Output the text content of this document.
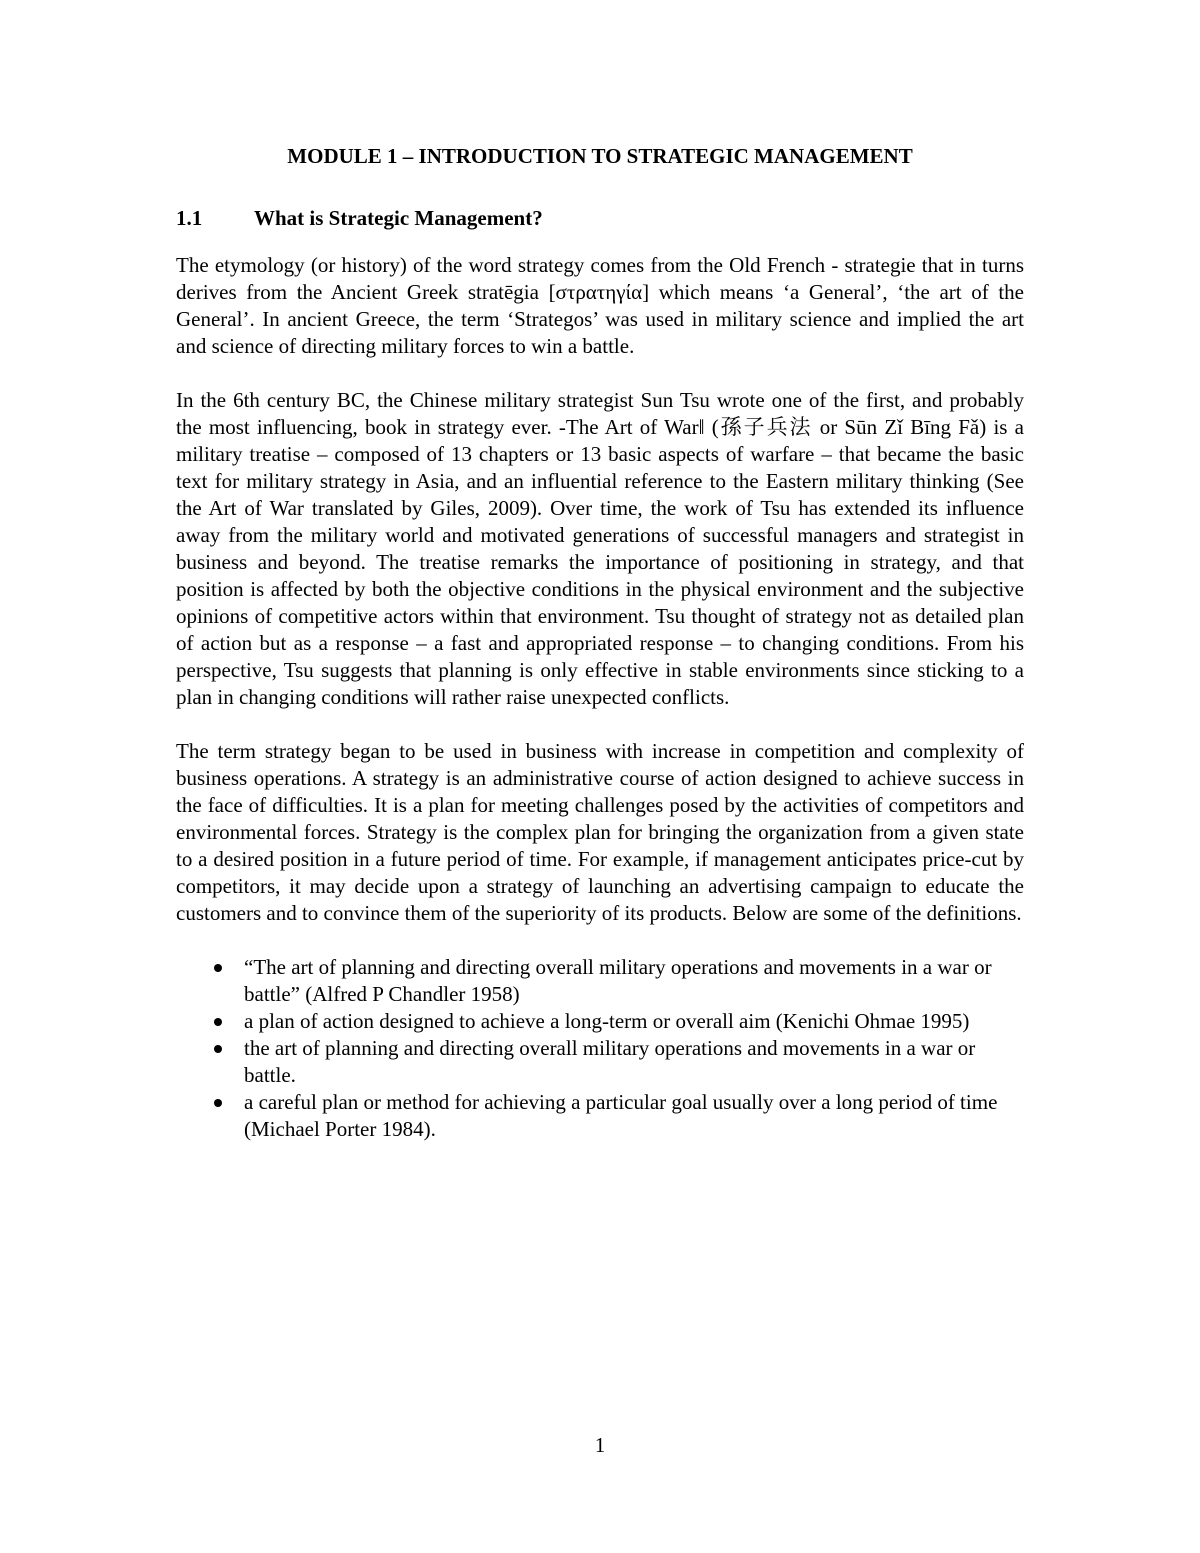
MODULE 1 – INTRODUCTION TO STRATEGIC MANAGEMENT
1.1	What is Strategic Management?

The etymology (or history) of the word strategy comes from the Old French - strategie that in turns derives from the Ancient Greek stratēgia [στρατηγία] which means ‘a General’, ‘the art of the General’. In ancient Greece, the term ‘Strategos’ was used in military science and implied the art and science of directing military forces to win a battle.

In the 6th century BC, the Chinese military strategist Sun Tsu wrote one of the first, and probably the most influencing, book in strategy ever. -The Art of Warǁ (孫子兵法 or Sūn Zǐ Bīng Fǎ) is a military treatise – composed of 13 chapters or 13 basic aspects of warfare – that became the basic text for military strategy in Asia, and an influential reference to the Eastern military thinking (See the Art of War translated by Giles, 2009). Over time, the work of Tsu has extended its influence away from the military world and motivated generations of successful managers and strategist in business and beyond. The treatise remarks the importance of positioning in strategy, and that position is affected by both the objective conditions in the physical environment and the subjective opinions of competitive actors within that environment. Tsu thought of strategy not as detailed plan of action but as a response – a fast and appropriated response – to changing conditions. From his perspective, Tsu suggests that planning is only effective in stable environments since sticking to a plan in changing conditions will rather raise unexpected conflicts.

The term strategy began to be used in business with increase in competition and complexity of business operations. A strategy is an administrative course of action designed to achieve success in the face of difficulties. It is a plan for meeting challenges posed by the activities of competitors and environmental forces. Strategy is the complex plan for bringing the organization from a given state to a desired position in a future period of time. For example, if management anticipates price-cut by competitors, it may decide upon a strategy of launching an advertising campaign to educate the customers and to convince them of the superiority of its products. Below are some of the definitions.

“The art of planning and directing overall military operations and movements in a war or battle” (Alfred P Chandler 1958)
a plan of action designed to achieve a long-term or overall aim (Kenichi Ohmae 1995)
the art of planning and directing overall military operations and movements in a war or battle.
a careful plan or method for achieving a particular goal usually over a long period of time (Michael Porter 1984).
1
